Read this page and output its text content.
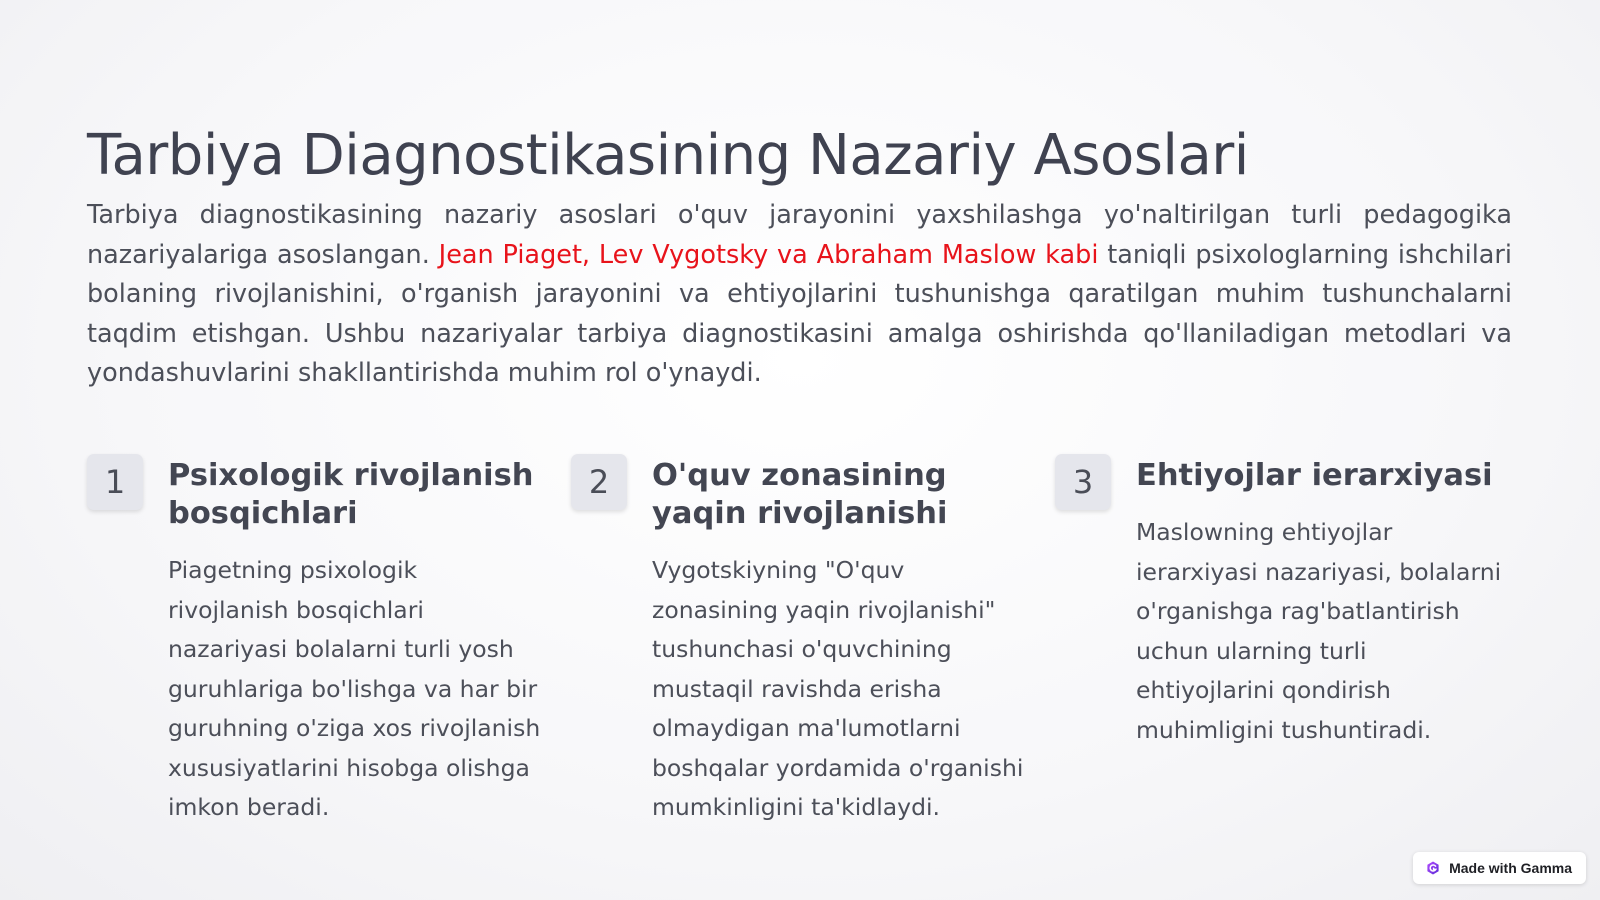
Tarbiya Diagnostikasining Nazariy Asoslari

Tarbiya diagnostikasining nazariy asoslari o'quv jarayonini yaxshilashga yo'naltirilgan turli pedagogika nazariyalariga asoslangan. Jean Piaget, Lev Vygotsky va Abraham Maslow kabi taniqli psixologlarning ishchilari bolaning rivojlanishini, o'rganish jarayonini va ehtiyojlarini tushunishga qaratilgan muhim tushunchalarni taqdim etishgan. Ushbu nazariyalar tarbiya diagnostikasini amalga oshirishda qo'llaniladigan metodlari va yondashuvlarini shakllantirishda muhim rol o'ynaydi.

1	Psixologik rivojlanish bosqichlari

Piagetning psixologik rivojlanish bosqichlari nazariyasi bolalarni turli yosh guruhlariga bo'lishga va har bir guruhning o'ziga xos rivojlanish xususiyatlarini hisobga olishga imkon beradi.

2	O'quv zonasining yaqin rivojlanishi

Vygotskiyning "O'quv zonasining yaqin rivojlanishi" tushunchasi o'quvchining mustaqil ravishda erisha olmaydigan ma'lumotlarni boshqalar yordamida o'rganishi mumkinligini ta'kidlaydi.

3	Ehtiyojlar ierarxiyasi

Maslowning ehtiyojlar ierarxiyasi nazariyasi, bolalarni o'rganishga rag'batlantirish uchun ularning turli ehtiyojlarini qondirish muhimligini tushuntiradi.

Made with Gamma
